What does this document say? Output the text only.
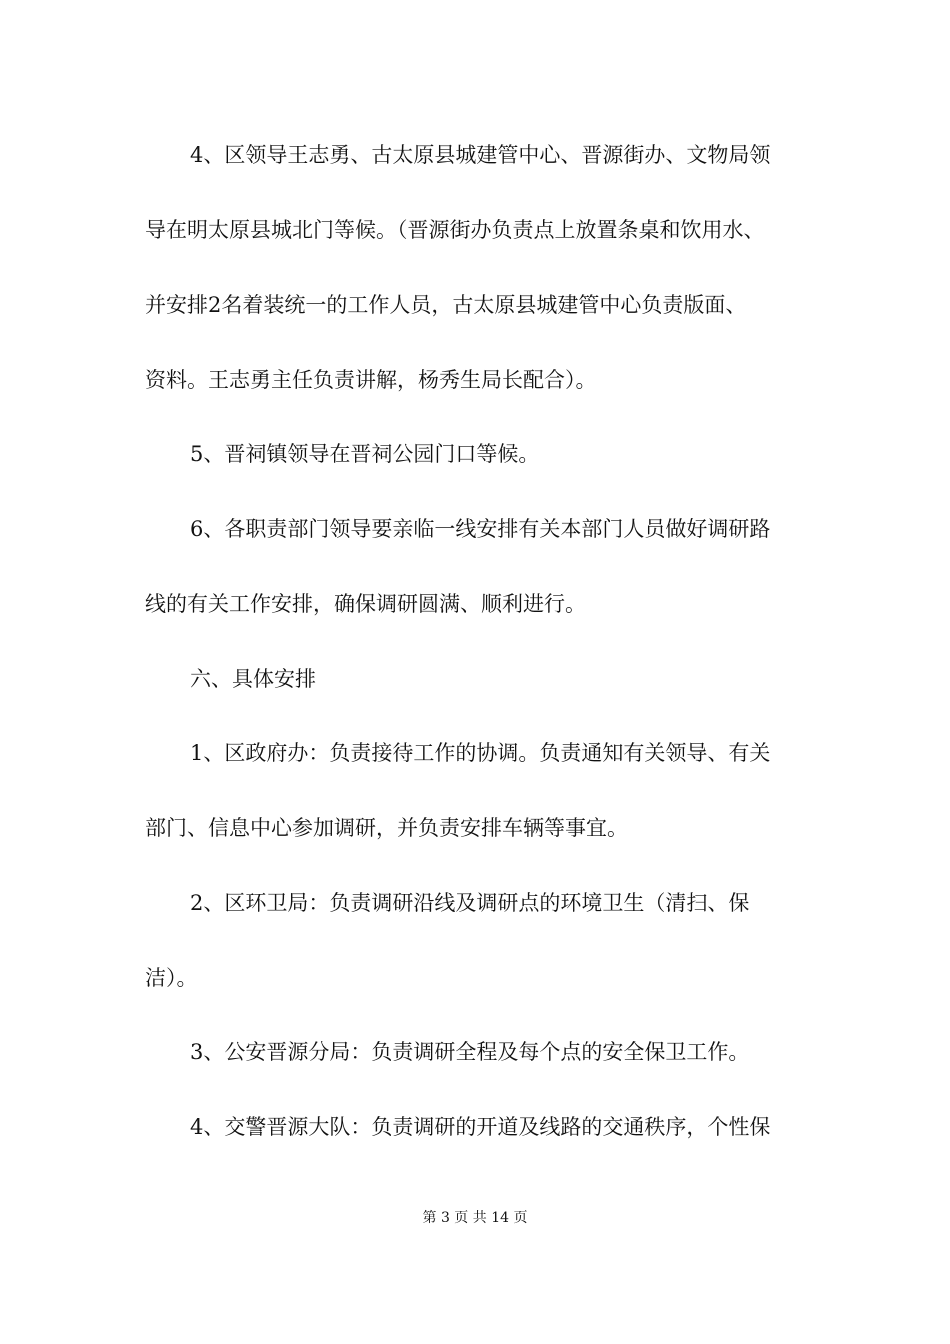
4、区领导王志勇、古太原县城建管中心、晋源街办、文物局领
导在明太原县城北门等候。（晋源街办负责点上放置条桌和饮用水、
并安排2名着装统一的工作人员，古太原县城建管中心负责版面、
资料。王志勇主任负责讲解，杨秀生局长配合）。
5、晋祠镇领导在晋祠公园门口等候。
6、各职责部门领导要亲临一线安排有关本部门人员做好调研路
线的有关工作安排，确保调研圆满、顺利进行。
六、具体安排
1、区政府办：负责接待工作的协调。负责通知有关领导、有关
部门、信息中心参加调研，并负责安排车辆等事宜。
2、区环卫局：负责调研沿线及调研点的环境卫生（清扫、保
洁）。
3、公安晋源分局：负责调研全程及每个点的安全保卫工作。
4、交警晋源大队：负责调研的开道及线路的交通秩序，个性保
第 3 页 共 14 页
